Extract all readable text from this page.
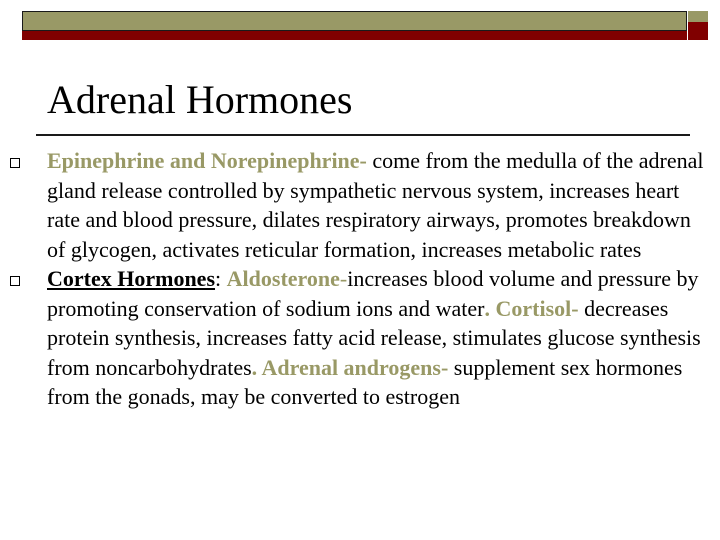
Adrenal Hormones
Epinephrine and Norepinephrine- come from the medulla of the adrenal gland release controlled by sympathetic nervous system, increases heart rate and blood pressure, dilates respiratory airways, promotes breakdown of glycogen, activates reticular formation, increases metabolic rates
Cortex Hormones: Aldosterone-increases blood volume and pressure by promoting conservation of sodium ions and water. Cortisol- decreases protein synthesis, increases fatty acid release, stimulates glucose synthesis from noncarbohydrates. Adrenal androgens- supplement sex hormones from the gonads, may be converted to estrogen
